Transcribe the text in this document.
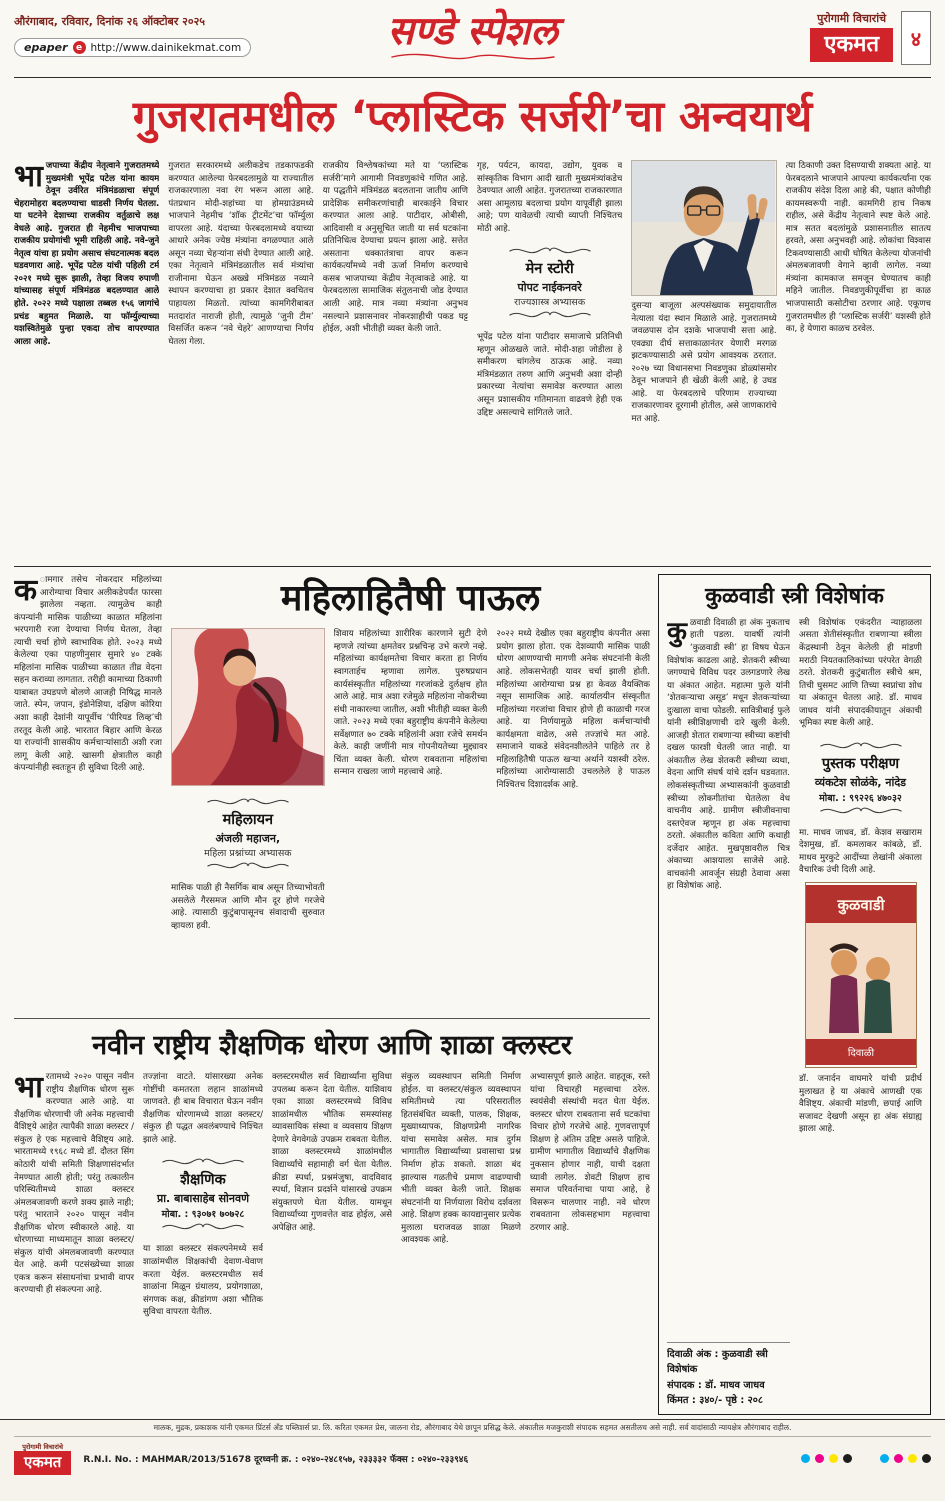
औरंगाबाद, रविवार, दिनांक २६ ऑक्टोबर २०२५
epaper e http://www.dainikekmat.com	सण्डे स्पेशल	पुरोगामी विचारांचे
एकमत	४
गुजरातमधील ‘प्लास्टिक सर्जरी’चा अन्वयार्थ

भाजपाच्या केंद्रीय नेतृत्वाने गुजरातमध्ये मुख्यमंत्री भूपेंद्र पटेल यांना कायम ठेवून उर्वरित मंत्रिमंडळाचा संपूर्ण चेहरामोहरा बदलण्याचा धाडसी निर्णय घेतला. या घटनेने देशाच्या राजकीय वर्तुळाचे लक्ष वेधले आहे. गुजरात ही नेहमीच भाजपाच्या राजकीय प्रयोगांची भूमी राहिली आहे. नवे-जुने नेतृत्व यांचा हा प्रयोग असाच संघटनात्मक बदल घडवणारा आहे. भूपेंद्र पटेल यांची पहिली टर्म २०२१ मध्ये सुरू झाली, तेव्हा विजय रुपाणी यांच्यासह संपूर्ण मंत्रिमंडळ बदलण्यात आले होते. २०२२ मध्ये पक्षाला तब्बल १५६ जागांचे प्रचंड बहुमत मिळाले. या फॉर्म्युल्याच्या यशस्वितेमुळे पुन्हा एकदा तोच वापरण्यात आला आहे.

गुजरात सरकारमध्ये अलीकडेच तडकाफडकी करण्यात आलेल्या फेरबदलामुळे या राज्यातील राजकारणाला नवा रंग भरून आला आहे. पंतप्रधान मोदी-शहांच्या या होमग्राउंडमध्ये भाजपाने नेहमीच ‘शॉक ट्रीटमेंट’चा फॉर्म्युला वापरला आहे. यंदाच्या फेरबदलामध्ये वयाच्या आधारे अनेक ज्येष्ठ मंत्र्यांना वगळण्यात आले असून नव्या चेहऱ्यांना संधी देण्यात आली आहे. एका नेतृत्वाने मंत्रिमंडळातील सर्व मंत्र्यांचा राजीनामा घेऊन अख्खे मंत्रिमंडळ नव्याने स्थापन करण्याचा हा प्रकार देशात क्वचितच पाहायला मिळतो. त्यांच्या कामगिरीबाबत मतदारांत नाराजी होती, त्यामुळे ‘जुनी टीम’ विसर्जित करून ‘नवे चेहरे’ आणण्याचा निर्णय घेतला गेला.

राजकीय विश्लेषकांच्या मते या ‘प्लास्टिक सर्जरी’मागे आगामी निवडणुकांचे गणित आहे. या पद्धतीने मंत्रिमंडळ बदलताना जातीय आणि प्रादेशिक समीकरणांचाही बारकाईने विचार करण्यात आला आहे. पाटीदार, ओबीसी, आदिवासी व अनुसूचित जाती या सर्व घटकांना प्रतिनिधित्व देण्याचा प्रयत्न झाला आहे. सत्तेत असताना धक्कातंत्राचा वापर करून कार्यकर्त्यांमध्ये नवी ऊर्जा निर्माण करण्याचे कसब भाजपाच्या केंद्रीय नेतृत्वाकडे आहे. या फेरबदलाला सामाजिक संतुलनाची जोड देण्यात आली आहे. मात्र नव्या मंत्र्यांना अनुभव नसल्याने प्रशासनावर नोकरशाहीची पकड घट्ट होईल, अशी भीतीही व्यक्त केली जाते.

गृह, पर्यटन, कायदा, उद्योग, युवक व सांस्कृतिक विभाग आदी खाती मुख्यमंत्र्यांकडेच ठेवण्यात आली आहेत. गुजरातच्या राजकारणात असा आमूलाग्र बदलाचा प्रयोग यापूर्वीही झाला आहे; पण यावेळची त्याची व्याप्ती निश्चितच मोठी आहे.

मेन स्टोरी
पोपट नाईकनवरे
राज्यशास्त्र अभ्यासक

भूपेंद्र पटेल यांना पाटीदार समाजाचे प्रतिनिधी म्हणून ओळखले जाते. मोदी-शहा जोडीला हे समीकरण चांगलेच ठाऊक आहे. नव्या मंत्रिमंडळात तरुण आणि अनुभवी अशा दोन्ही प्रकारच्या नेत्यांचा समावेश करण्यात आला असून प्रशासकीय गतिमानता वाढवणे हेही एक उद्दिष्ट असल्याचे सांगितले जाते.

दुसऱ्या बाजूला अल्पसंख्याक समुदायातील नेत्याला यंदा स्थान मिळाले आहे. गुजरातमध्ये जवळपास दोन दशके भाजपाची सत्ता आहे. एवढ्या दीर्घ सत्ताकाळानंतर येणारी मरगळ झटकण्यासाठी असे प्रयोग आवश्यक ठरतात. २०२७ च्या विधानसभा निवडणुका डोळ्यांसमोर ठेवून भाजपाने ही खेळी केली आहे, हे उघड आहे. या फेरबदलाचे परिणाम राज्याच्या राजकारणावर दूरगामी होतील, असे जाणकारांचे मत आहे.

त्या ठिकाणी उक्त दिसण्याची शक्यता आहे. या फेरबदलाने भाजपाने आपल्या कार्यकर्त्यांना एक राजकीय संदेश दिला आहे की, पक्षात कोणीही कायमस्वरूपी नाही. कामगिरी हाच निकष राहील, असे केंद्रीय नेतृत्वाने स्पष्ट केले आहे. मात्र सतत बदलांमुळे प्रशासनातील सातत्य हरवते, असा अनुभवही आहे. लोकांचा विश्वास टिकवण्यासाठी आधी घोषित केलेल्या योजनांची अंमलबजावणी वेगाने व्हावी लागेल. नव्या मंत्र्यांना कामकाज समजून घेण्यातच काही महिने जातील. निवडणुकीपूर्वीचा हा काळ भाजपासाठी कसोटीचा ठरणार आहे. एकूणच गुजरातमधील ही ‘प्लास्टिक सर्जरी’ यशस्वी होते का, हे येणारा काळच ठरवेल.

क ामगार तसेच नोकरदार महिलांच्या आरोग्याचा विचार अलीकडेपर्यंत फारसा झालेला नव्हता. त्यामुळेच काही कंपन्यांनी मासिक पाळीच्या काळात महिलांना भरपगारी रजा देण्याचा निर्णय घेतला, तेव्हा त्याची चर्चा होणे स्वाभाविक होते. २०२३ मध्ये केलेल्या एका पाहणीनुसार सुमारे ४० टक्के महिलांना मासिक पाळीच्या काळात तीव्र वेदना सहन कराव्या लागतात. तरीही कामाच्या ठिकाणी याबाबत उघडपणे बोलणे आजही निषिद्ध मानले जाते. स्पेन, जपान, इंडोनेशिया, दक्षिण कोरिया अशा काही देशांनी यापूर्वीच ‘पीरियड लिव्ह’ची तरतूद केली आहे. भारतात बिहार आणि केरळ या राज्यांनी शासकीय कर्मचाऱ्यांसाठी अशी रजा लागू केली आहे. खासगी क्षेत्रातील काही कंपन्यांनीही स्वतःहून ही सुविधा दिली आहे.

महिलाहितैषी पाऊल
महिलायन
अंजली महाजन,
महिला प्रश्नांच्या अभ्यासक

मासिक पाळी ही नैसर्गिक बाब असून तिच्याभोवती असलेले गैरसमज आणि मौन दूर होणे गरजेचे आहे. त्यासाठी कुटुंबापासूनच संवादाची सुरुवात व्हायला हवी.

शिवाय महिलांच्या शारीरिक कारणाने सुटी देणे म्हणजे त्यांच्या क्षमतेवर प्रश्नचिन्ह उभे करणे नव्हे. महिलांच्या कार्यक्षमतेचा विचार करता हा निर्णय स्वागतार्हच म्हणावा लागेल. पुरुषप्रधान कार्यसंस्कृतीत महिलांच्या गरजांकडे दुर्लक्षच होत आले आहे. मात्र अशा रजेमुळे महिलांना नोकरीच्या संधी नाकारल्या जातील, अशी भीतीही व्यक्त केली जाते. २०२३ मध्ये एका बहुराष्ट्रीय कंपनीने केलेल्या सर्वेक्षणात ७० टक्के महिलांनी अशा रजेचे समर्थन केले. काही जणींनी मात्र गोपनीयतेच्या मुद्द्यावर चिंता व्यक्त केली. धोरण राबवताना महिलांचा सन्मान राखला जाणे महत्त्वाचे आहे.

२०२२ मध्ये देखील एका बहुराष्ट्रीय कंपनीत असा प्रयोग झाला होता. एक देशव्यापी मासिक पाळी धोरण आणण्याची मागणी अनेक संघटनांनी केली आहे. लोकसभेतही यावर चर्चा झाली होती. महिलांच्या आरोग्याचा प्रश्न हा केवळ वैयक्तिक नसून सामाजिक आहे. कार्यालयीन संस्कृतीत महिलांच्या गरजांचा विचार होणे ही काळाची गरज आहे. या निर्णयामुळे महिला कर्मचाऱ्यांची कार्यक्षमता वाढेल, असे तज्ज्ञांचे मत आहे. समाजाने याकडे संवेदनशीलतेने पाहिले तर हे महिलाहितैषी पाऊल खऱ्या अर्थाने यशस्वी ठरेल. महिलांच्या आरोग्यासाठी उचललेले हे पाऊल निश्चितच दिशादर्शक आहे.

कुळवाडी स्त्री विशेषांक

कुळवाडी दिवाळी हा अंक नुकताच हाती पडला. यावर्षी त्यांनी ‘कुळवाडी स्त्री’ हा विषय घेऊन विशेषांक काढला आहे. शेतकरी स्त्रीच्या जगण्याचे विविध पदर उलगडणारे लेख या अंकात आहेत. महात्मा फुले यांनी ‘शेतकऱ्याचा असूड’ मधून शेतकऱ्यांच्या दुःखाला वाचा फोडली. सावित्रीबाई फुले यांनी स्त्रीशिक्षणाची दारे खुली केली. आजही शेतात राबणाऱ्या स्त्रीच्या कष्टांची दखल फारशी घेतली जात नाही. या अंकातील लेख शेतकरी स्त्रीच्या व्यथा, वेदना आणि संघर्ष यांचे दर्शन घडवतात. लोकसंस्कृतीच्या अभ्यासकांनी कुळवाडी स्त्रीच्या लोकगीतांचा घेतलेला वेध वाचनीय आहे. ग्रामीण स्त्रीजीवनाचा दस्तऐवज म्हणून हा अंक महत्त्वाचा ठरतो. अंकातील कविता आणि कथाही दर्जेदार आहेत. मुखपृष्ठावरील चित्र अंकाच्या आशयाला साजेसे आहे. वाचकांनी आवर्जून संग्रही ठेवावा असा हा विशेषांक आहे.

दिवाळी अंक : कुळवाडी स्त्री विशेषांक
संपादक : डॉ. माधव जाधव
किंमत : ३४०/- पृष्ठे : २०८

स्त्री विशेषांक एकंदरीत न्याहाळला असता शेतीसंस्कृतीत राबणाऱ्या स्त्रीला केंद्रस्थानी ठेवून केलेली ही मांडणी मराठी नियतकालिकांच्या परंपरेत वेगळी ठरते. शेतकरी कुटुंबातील स्त्रीचे श्रम, तिची घुसमट आणि तिच्या स्वप्नांचा शोध या अंकातून घेतला आहे. डॉ. माधव जाधव यांनी संपादकीयातून अंकाची भूमिका स्पष्ट केली आहे.

पुस्तक परीक्षण
व्यंकटेश सोळंके, नांदेड
मोबा. : ९९२२६ ४७०३२

मा. माधव जाधव, डॉ. केशव सखाराम देशमुख, डॉ. कमलाकर कांबळे, डॉ. माधव मुरकुटे आदींच्या लेखांनी अंकाला वैचारिक उंची दिली आहे.

कुळवाडी
दिवाळी

डॉ. जनार्दन वाघमारे यांची प्रदीर्घ मुलाखत हे या अंकाचे आणखी एक वैशिष्ट्य. अंकाची मांडणी, छपाई आणि सजावट देखणी असून हा अंक संग्राह्य झाला आहे.

नवीन राष्ट्रीय शैक्षणिक धोरण आणि शाळा क्लस्टर

भारतामध्ये २०२० पासून नवीन राष्ट्रीय शैक्षणिक धोरण सुरू करण्यात आले आहे. या शैक्षणिक धोरणाची जी अनेक महत्त्वाची वैशिष्ट्ये आहेत त्यापैकी शाळा क्लस्टर / संकुल हे एक महत्त्वाचे वैशिष्ट्य आहे. भारतामध्ये १९६८ मध्ये डॉ. दौलत सिंग कोठारी यांची समिती शिक्षणासंदर्भात नेमण्यात आली होती; परंतु तत्कालीन परिस्थितीमध्ये शाळा क्लस्टर अंमलबजावणी करणे शक्य झाले नाही; परंतु भारताने २०२० पासून नवीन शैक्षणिक धोरण स्वीकारले आहे. या धोरणाच्या माध्यमातून शाळा क्लस्टर/संकुल यांची अंमलबजावणी करण्यात येत आहे. कमी पटसंख्येच्या शाळा एकत्र करून संसाधनांचा प्रभावी वापर करण्याची ही संकल्पना आहे.

तज्ज्ञांना वाटते. यांसारख्या अनेक गोष्टींची कमतरता लहान शाळांमध्ये जाणवते. ही बाब विचारात घेऊन नवीन शैक्षणिक धोरणामध्ये शाळा क्लस्टर/संकुल ही पद्धत अवलंबण्याचे निश्चित झाले आहे.

शैक्षणिक
प्रा. बाबासाहेब सोनवणे
मोबा. : ९३०७१ ७०७२८

या शाळा क्लस्टर संकल्पनेमध्ये सर्व शाळांमधील शिक्षकांची देवाण-घेवाण करता येईल. क्लस्टरमधील सर्व शाळांना मिळून ग्रंथालय, प्रयोगशाळा, संगणक कक्ष, क्रीडांगण अशा भौतिक सुविधा वापरता येतील.

क्लस्टरमधील सर्व विद्यार्थ्यांना सुविधा उपलब्ध करून देता येतील. याशिवाय एका शाळा क्लस्टरमध्ये विविध शाळांमधील भौतिक समस्यांसह व्यावसायिक संस्था व व्यवसाय शिक्षण देणारे वेगवेगळे उपक्रम राबवता येतील. शाळा क्लस्टरमध्ये शाळांमधील विद्यार्थ्यांचे सहामाही वर्ग घेता येतील. क्रीडा स्पर्धा, प्रश्नमंजुषा, वादविवाद स्पर्धा, विज्ञान प्रदर्शने यांसारखे उपक्रम संयुक्तपणे घेता येतील. यामधून विद्यार्थ्यांच्या गुणवत्तेत वाढ होईल, असे अपेक्षित आहे.

संकुल व्यवस्थापन समिती निर्माण होईल. या क्लस्टर/संकुल व्यवस्थापन समितीमध्ये त्या परिसरातील हितसंबंधित व्यक्ती, पालक, शिक्षक, मुख्याध्यापक, शिक्षणप्रेमी नागरिक यांचा समावेश असेल. मात्र दुर्गम भागातील विद्यार्थ्यांच्या प्रवासाचा प्रश्न निर्माण होऊ शकतो. शाळा बंद झाल्यास गळतीचे प्रमाण वाढण्याची भीती व्यक्त केली जाते. शिक्षक संघटनांनी या निर्णयाला विरोध दर्शवला आहे. शिक्षण हक्क कायद्यानुसार प्रत्येक मुलाला घराजवळ शाळा मिळणे आवश्यक आहे.

अभ्यासपूर्ण झाले आहेत. वाहतूक, रस्ते यांचा विचारही महत्त्वाचा ठरेल. स्वयंसेवी संस्थांची मदत घेता येईल. क्लस्टर धोरण राबवताना सर्व घटकांचा विचार होणे गरजेचे आहे. गुणवत्तापूर्ण शिक्षण हे अंतिम उद्दिष्ट असले पाहिजे. ग्रामीण भागातील विद्यार्थ्यांचे शैक्षणिक नुकसान होणार नाही, याची दक्षता घ्यावी लागेल. शेवटी शिक्षण हाच समाज परिवर्तनाचा पाया आहे, हे विसरून चालणार नाही. नवे धोरण राबवताना लोकसहभाग महत्त्वाचा ठरणार आहे.

मालक, मुद्रक, प्रकाशक यांनी एकमत प्रिंटर्स अँड पब्लिशर्स प्रा. लि. करिता एकमत प्रेस, जालना रोड, औरंगाबाद येथे छापून प्रसिद्ध केले. अंकातील मजकुराशी संपादक सहमत असतीलच असे नाही. सर्व वादांसाठी न्यायक्षेत्र औरंगाबाद राहील.
पुरोगामी विचारांचे
एकमत	R.N.I. No. : MAHMAR/2013/51678 दूरध्वनी क्र. : ०२४०-२४८१५७, २३३३३२ फॅक्स : ०२४०-२३३९४६
